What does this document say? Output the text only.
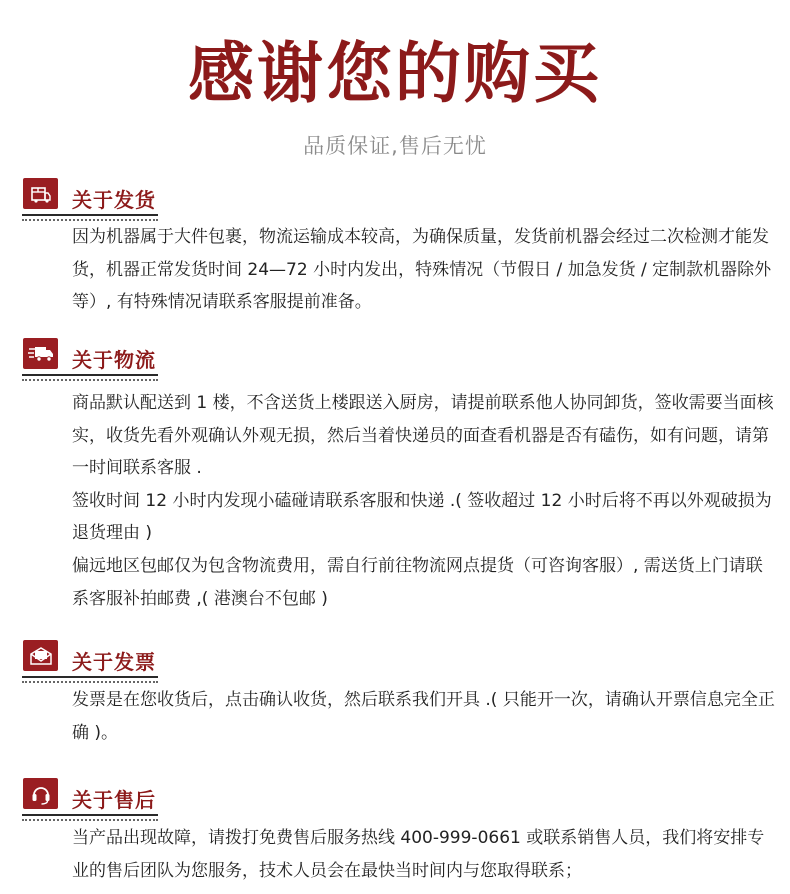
感谢您的购买
品质保证,售后无忧
关于发货

因为机器属于大件包裹，物流运输成本较高，为确保质量，发货前机器会经过二次检测才能发货，机器正常发货时间 24—72 小时内发出，特殊情况（节假日 / 加急发货 / 定制款机器除外等）, 有特殊情况请联系客服提前准备。

关于物流

商品默认配送到 1 楼，不含送货上楼跟送入厨房，请提前联系他人协同卸货，签收需要当面核实，收货先看外观确认外观无损，然后当着快递员的面查看机器是否有磕伤，如有问题，请第一时间联系客服 .

签收时间 12 小时内发现小磕碰请联系客服和快递 .( 签收超过 12 小时后将不再以外观破损为退货理由 )

偏远地区包邮仅为包含物流费用，需自行前往物流网点提货（可咨询客服）, 需送货上门请联系客服补拍邮费 ,( 港澳台不包邮 )

关于发票

发票是在您收货后，点击确认收货，然后联系我们开具 .( 只能开一次，请确认开票信息完全正确 )。

关于售后

当产品出现故障，请拨打免费售后服务热线 400-999-0661 或联系销售人员，我们将安排专业的售后团队为您服务，技术人员会在最快当时间内与您取得联系；
